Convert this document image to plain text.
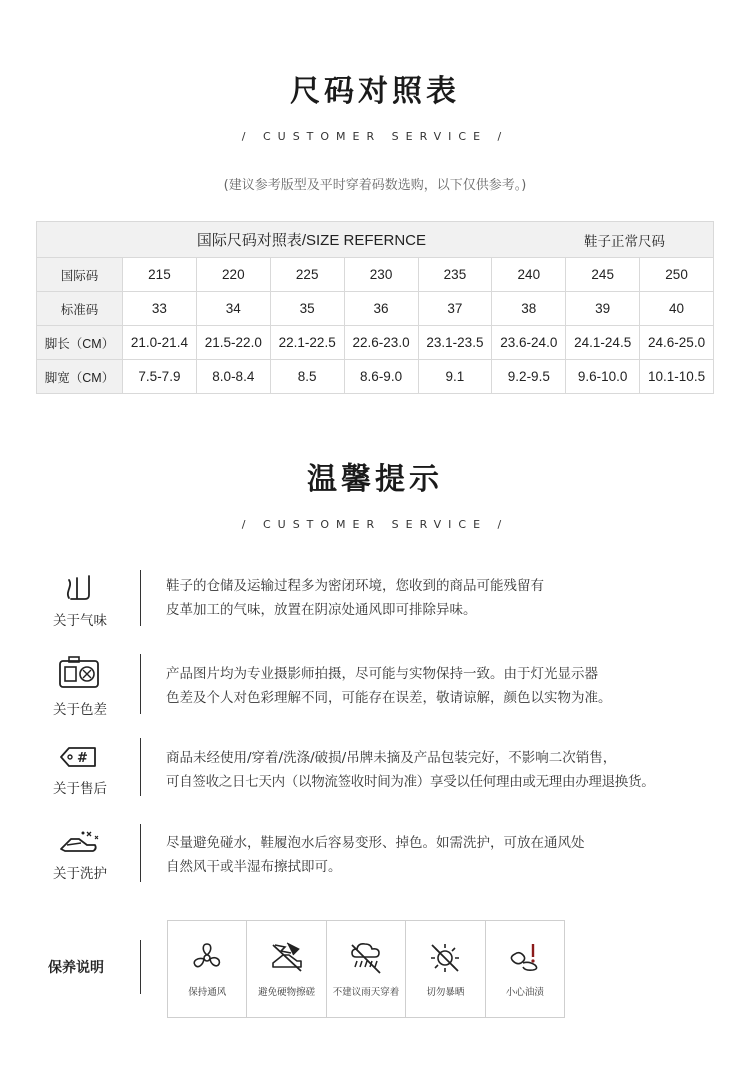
尺码对照表
/ CUSTOMER SERVICE /
(建议参考版型及平时穿着码数选购，以下仅供参考。)
国际尺码对照表/SIZE REFERNCE					鞋子正常尺码			
国际码	215	220	225	230	235	240	245	250
标准码	33	34	35	36	37	38	39	40
脚长（CM）	21.0-21.4	21.5-22.0	22.1-22.5	22.6-23.0	23.1-23.5	23.6-24.0	24.1-24.5	24.6-25.0
脚宽（CM）	7.5-7.9	8.0-8.4	8.5	8.6-9.0	9.1	9.2-9.5	9.6-10.0	10.1-10.5
温馨提示
/ CUSTOMER SERVICE /
关于气味
鞋子的仓储及运输过程多为密闭环境，您收到的商品可能残留有
皮革加工的气味，放置在阴凉处通风即可排除异味。
关于色差
产品图片均为专业摄影师拍摄，尽可能与实物保持一致。由于灯光显示器
色差及个人对色彩理解不同，可能存在误差，敬请谅解，颜色以实物为准。
#
关于售后
商品未经使用/穿着/洗涤/破损/吊牌未摘及产品包装完好，不影响二次销售，
可自签收之日七天内（以物流签收时间为准）享受以任何理由或无理由办理退换货。
关于洗护
尽量避免碰水，鞋履泡水后容易变形、掉色。如需洗护，可放在通风处
自然风干或半湿布擦拭即可。
保养说明
保持通风	避免硬物擦磋 不建议雨天穿着	切勿暴晒	小心油渍
